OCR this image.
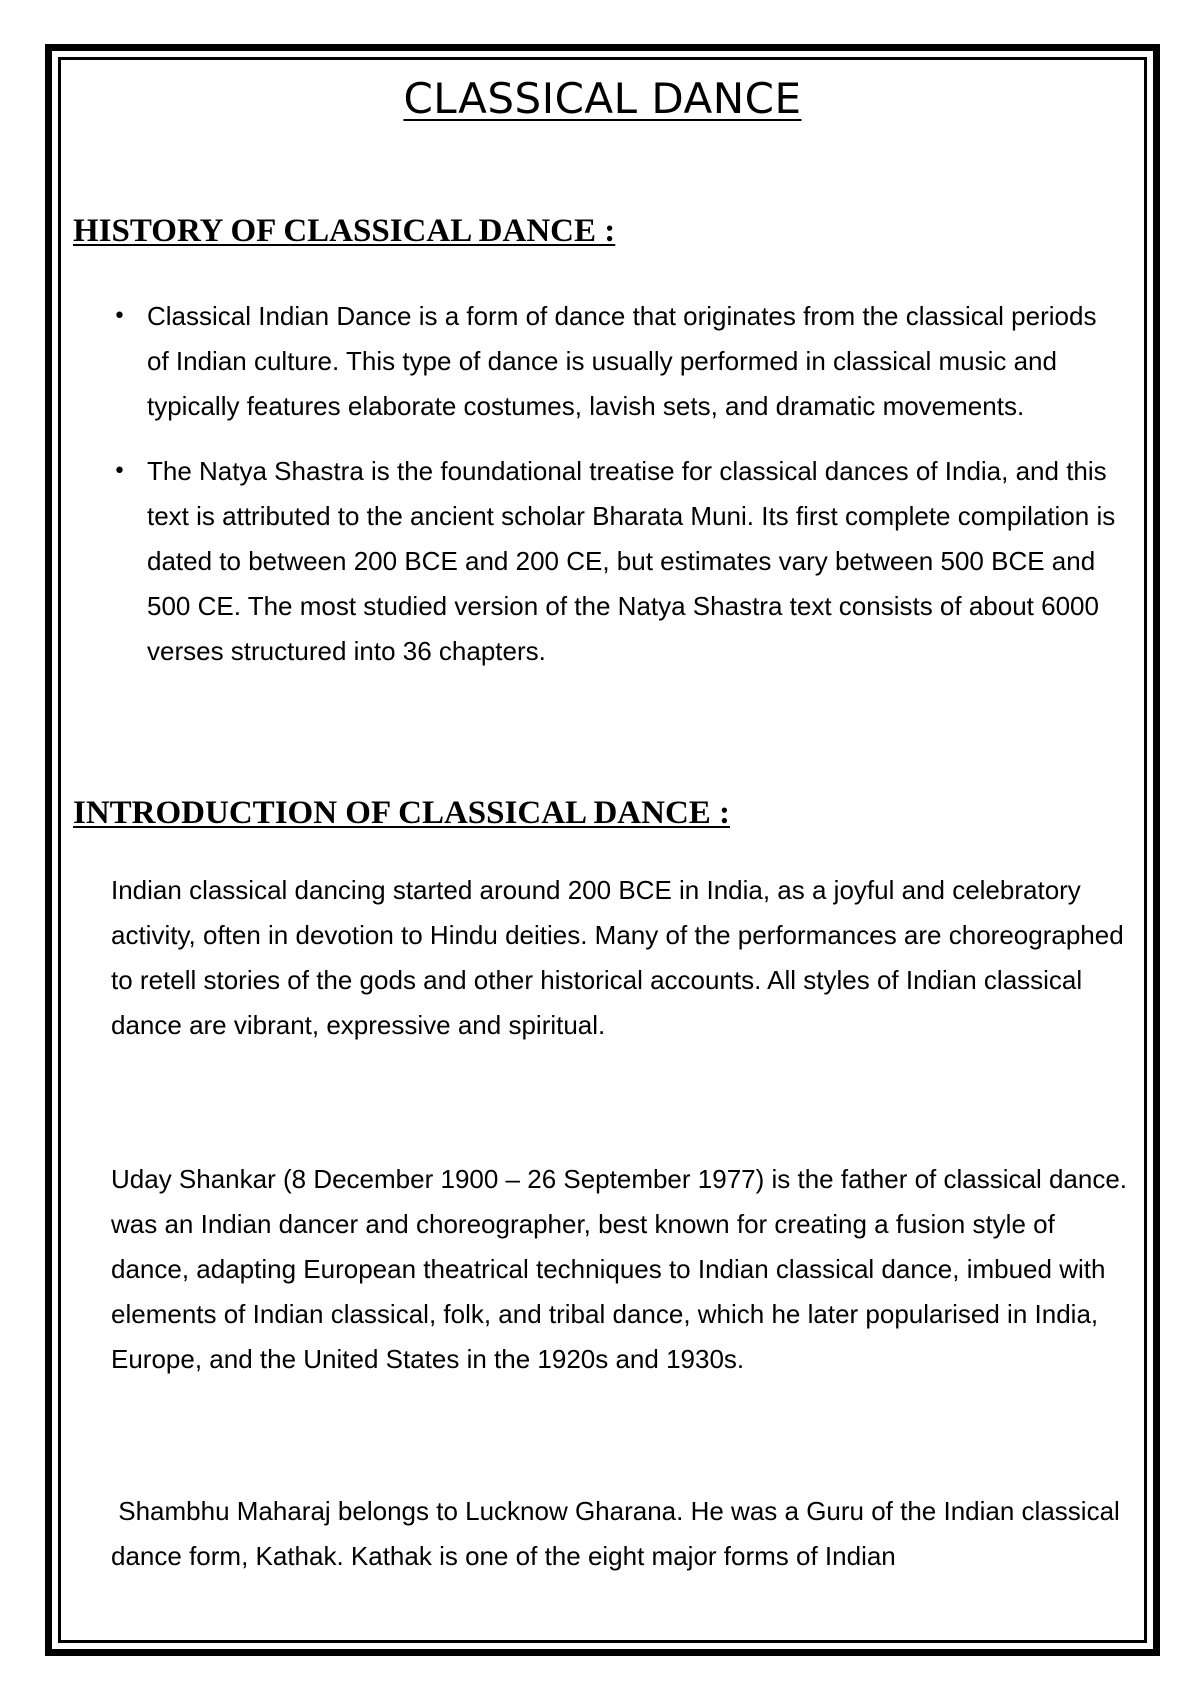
CLASSICAL DANCE
HISTORY OF CLASSICAL DANCE :
• Classical Indian Dance is a form of dance that originates from the classical periods of Indian culture. This type of dance is usually performed in classical music and typically features elaborate costumes, lavish sets, and dramatic movements.

• The Natya Shastra is the foundational treatise for classical dances of India, and this text is attributed to the ancient scholar Bharata Muni. Its first complete compilation is dated to between 200 BCE and 200 CE, but estimates vary between 500 BCE and 500 CE. The most studied version of the Natya Shastra text consists of about 6000 verses structured into 36 chapters.

INTRODUCTION OF CLASSICAL DANCE :

Indian classical dancing started around 200 BCE in India, as a joyful and celebratory activity, often in devotion to Hindu deities. Many of the performances are choreographed to retell stories of the gods and other historical accounts. All styles of Indian classical dance are vibrant, expressive and spiritual.

Uday Shankar (8 December 1900 – 26 September 1977) is the father of classical dance. was an Indian dancer and choreographer, best known for creating a fusion style of dance, adapting European theatrical techniques to Indian classical dance, imbued with elements of Indian classical, folk, and tribal dance, which he later popularised in India, Europe, and the United States in the 1920s and 1930s.

Shambhu Maharaj belongs to Lucknow Gharana. He was a Guru of the Indian classical dance form, Kathak. Kathak is one of the eight major forms of Indian
